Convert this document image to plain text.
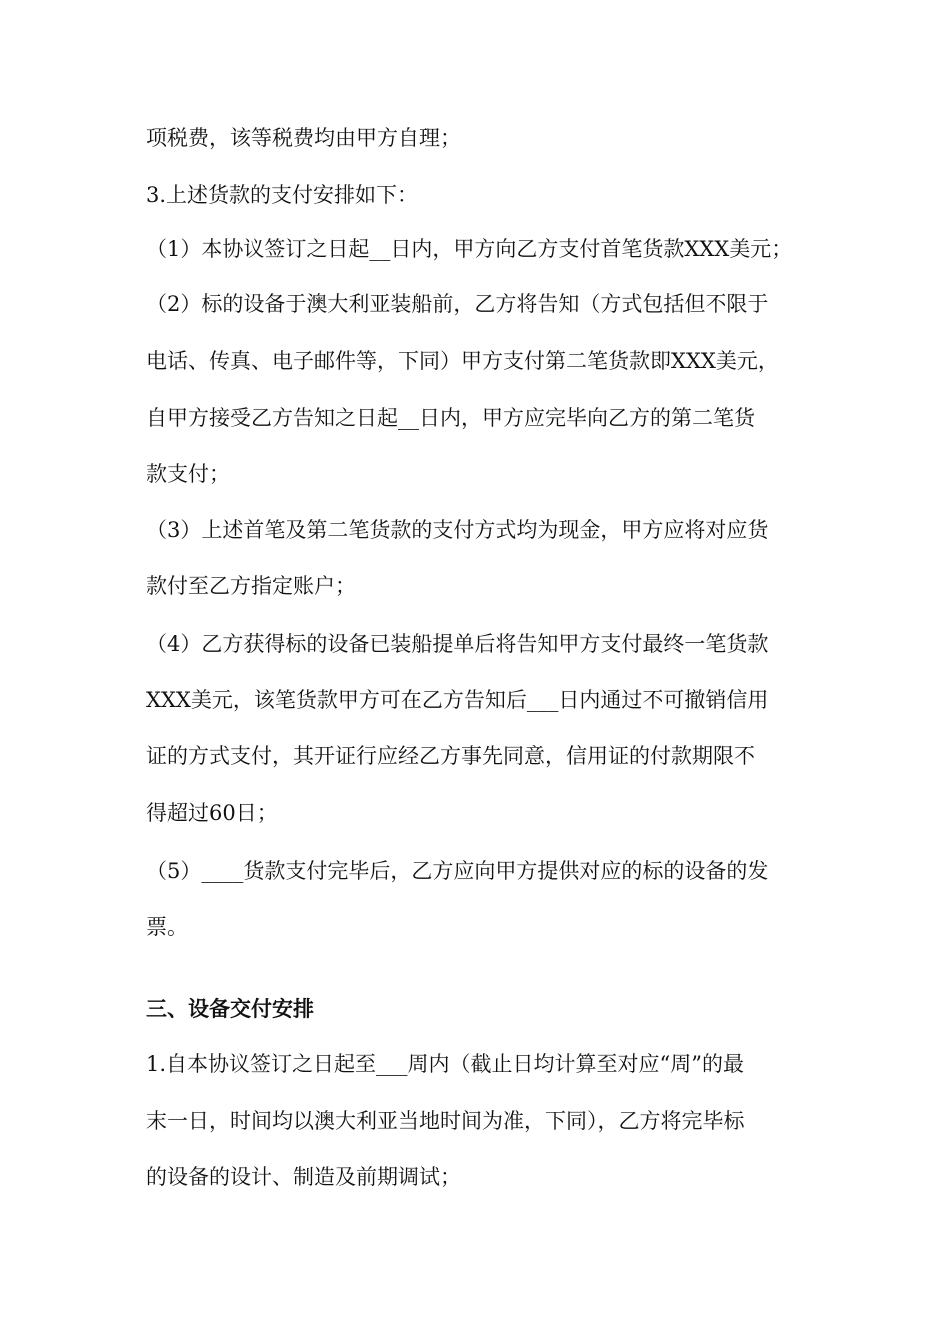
项税费，该等税费均由甲方自理；
3.上述货款的支付安排如下：
（1）本协议签订之日起__日内，甲方向乙方支付首笔货款XXX美元；
（2）标的设备于澳大利亚装船前，乙方将告知（方式包括但不限于
电话、传真、电子邮件等，下同）甲方支付第二笔货款即XXX美元，
自甲方接受乙方告知之日起__日内，甲方应完毕向乙方的第二笔货
款支付；
（3）上述首笔及第二笔货款的支付方式均为现金，甲方应将对应货
款付至乙方指定账户；
（4）乙方获得标的设备已装船提单后将告知甲方支付最终一笔货款
XXX美元，该笔货款甲方可在乙方告知后___日内通过不可撤销信用
证的方式支付，其开证行应经乙方事先同意，信用证的付款期限不
得超过60日；
（5）____货款支付完毕后，乙方应向甲方提供对应的标的设备的发
票。
三、设备交付安排
1.自本协议签订之日起至___周内（截止日均计算至对应“周”的最
末一日，时间均以澳大利亚当地时间为准，下同），乙方将完毕标
的设备的设计、制造及前期调试；
